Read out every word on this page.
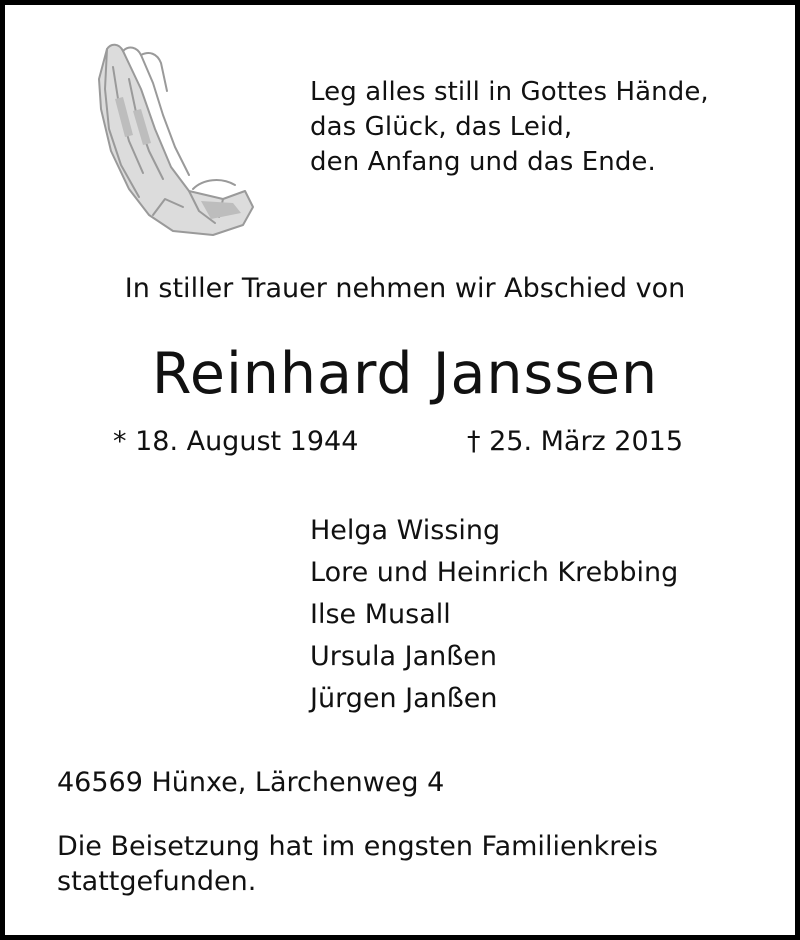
Leg alles still in Gottes Hände,
das Glück, das Leid,
den Anfang und das Ende.
In stiller Trauer nehmen wir Abschied von
Reinhard Janssen
* 18. August 1944	† 25. März 2015
Helga Wissing
Lore und Heinrich Krebbing
Ilse Musall
Ursula Janßen
Jürgen Janßen
46569 Hünxe, Lärchenweg 4
Die Beisetzung hat im engsten Familienkreis
stattgefunden.
